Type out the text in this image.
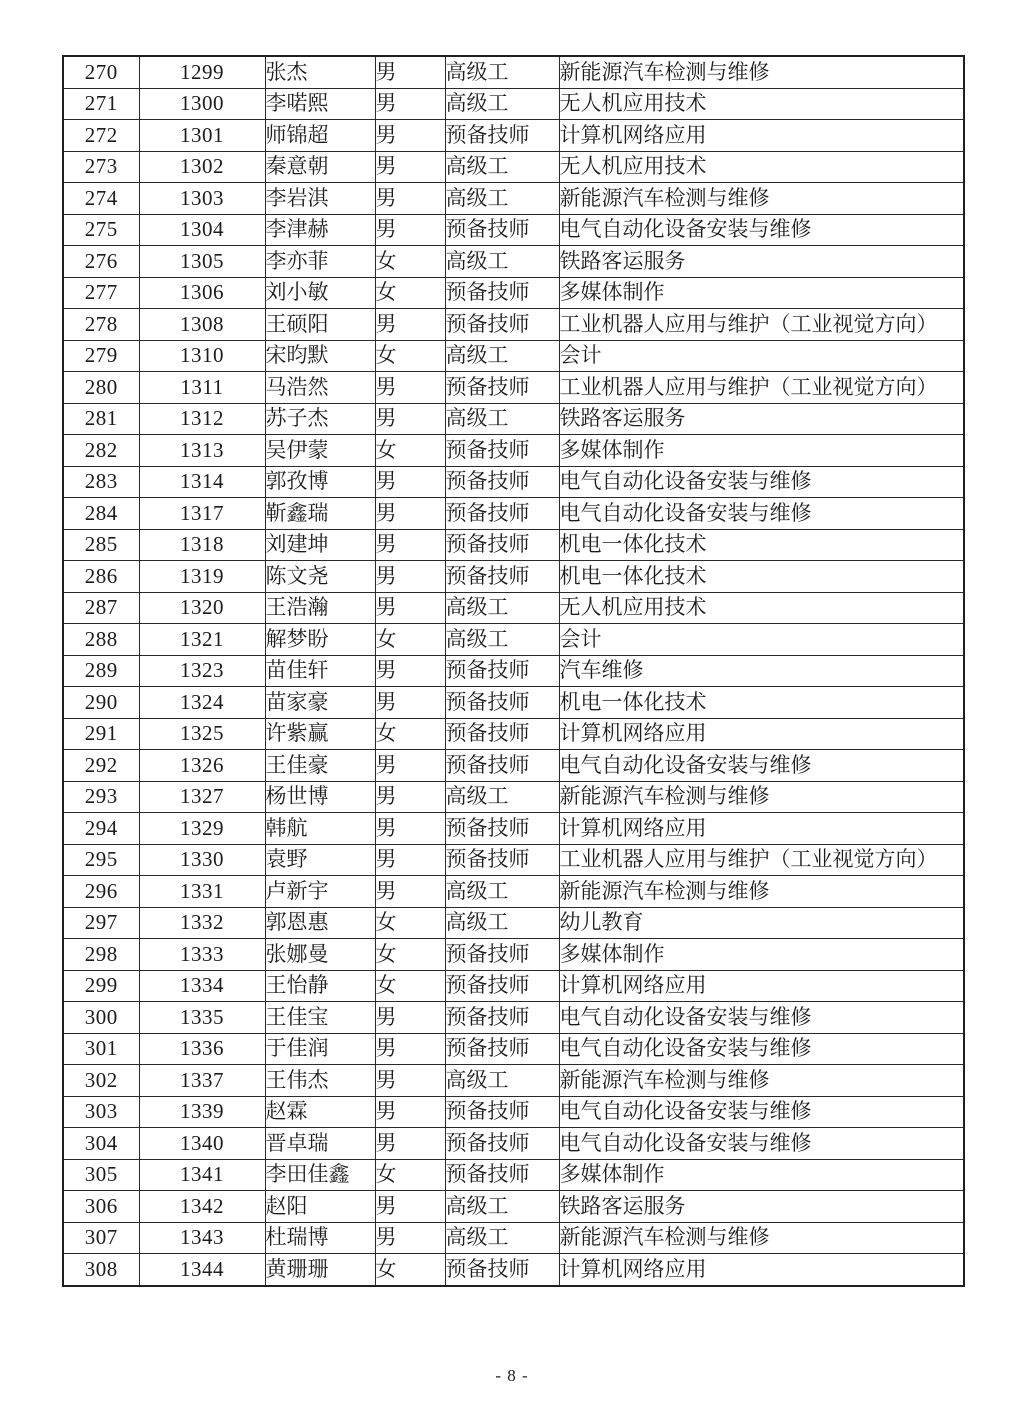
270	1299	张杰	男	高级工	新能源汽车检测与维修
271	1300	李喏熙	男	高级工	无人机应用技术
272	1301	师锦超	男	预备技师	计算机网络应用
273	1302	秦意朝	男	高级工	无人机应用技术
274	1303	李岩淇	男	高级工	新能源汽车检测与维修
275	1304	李津赫	男	预备技师	电气自动化设备安装与维修
276	1305	李亦菲	女	高级工	铁路客运服务
277	1306	刘小敏	女	预备技师	多媒体制作
278	1308	王硕阳	男	预备技师	工业机器人应用与维护（工业视觉方向）
279	1310	宋昀默	女	高级工	会计
280	1311	马浩然	男	预备技师	工业机器人应用与维护（工业视觉方向）
281	1312	苏子杰	男	高级工	铁路客运服务
282	1313	吴伊蒙	女	预备技师	多媒体制作
283	1314	郭孜博	男	预备技师	电气自动化设备安装与维修
284	1317	靳鑫瑞	男	预备技师	电气自动化设备安装与维修
285	1318	刘建坤	男	预备技师	机电一体化技术
286	1319	陈文尧	男	预备技师	机电一体化技术
287	1320	王浩瀚	男	高级工	无人机应用技术
288	1321	解梦盼	女	高级工	会计
289	1323	苗佳轩	男	预备技师	汽车维修
290	1324	苗家豪	男	预备技师	机电一体化技术
291	1325	许紫赢	女	预备技师	计算机网络应用
292	1326	王佳豪	男	预备技师	电气自动化设备安装与维修
293	1327	杨世博	男	高级工	新能源汽车检测与维修
294	1329	韩航	男	预备技师	计算机网络应用
295	1330	袁野	男	预备技师	工业机器人应用与维护（工业视觉方向）
296	1331	卢新宇	男	高级工	新能源汽车检测与维修
297	1332	郭恩惠	女	高级工	幼儿教育
298	1333	张娜曼	女	预备技师	多媒体制作
299	1334	王怡静	女	预备技师	计算机网络应用
300	1335	王佳宝	男	预备技师	电气自动化设备安装与维修
301	1336	于佳润	男	预备技师	电气自动化设备安装与维修
302	1337	王伟杰	男	高级工	新能源汽车检测与维修
303	1339	赵霖	男	预备技师	电气自动化设备安装与维修
304	1340	晋卓瑞	男	预备技师	电气自动化设备安装与维修
305	1341	李田佳鑫	女	预备技师	多媒体制作
306	1342	赵阳	男	高级工	铁路客运服务
307	1343	杜瑞博	男	高级工	新能源汽车检测与维修
308	1344	黄珊珊	女	预备技师	计算机网络应用
- 8 -
